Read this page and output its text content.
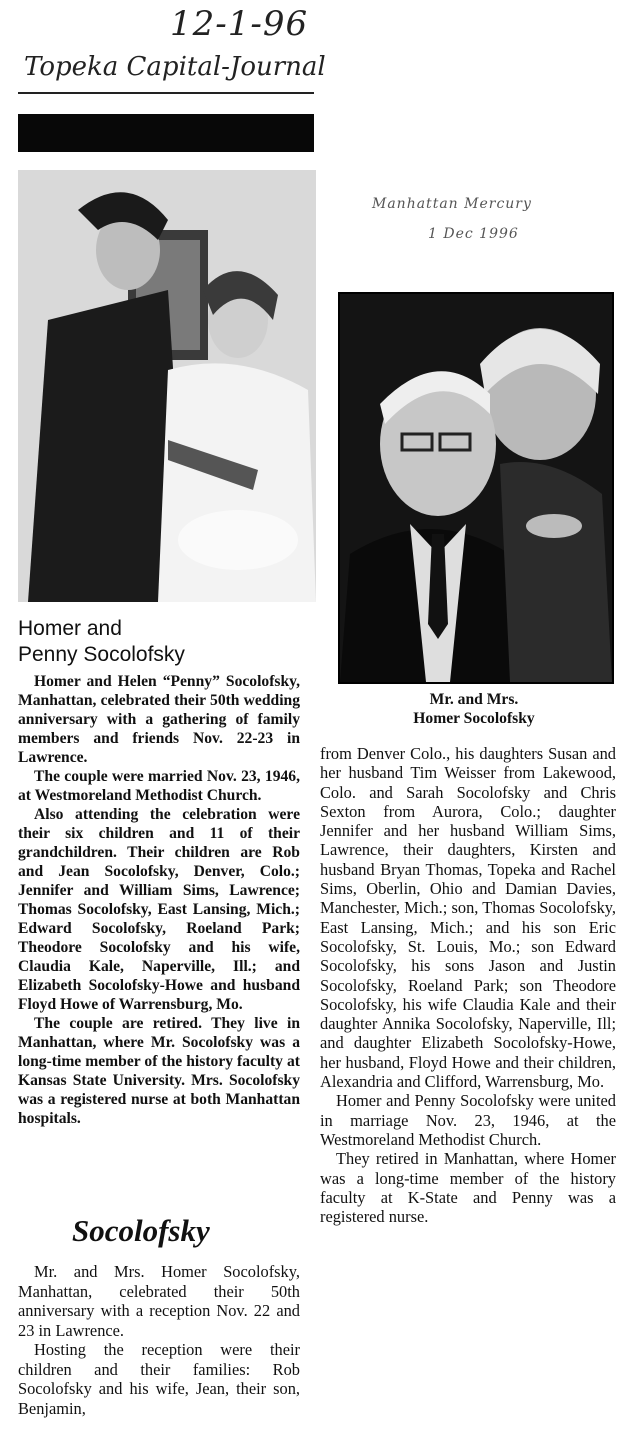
12-1-96
Topeka Capital-Journal
Manhattan Mercury
1 Dec 1996
Homer and
Penny Socolofsky

Homer and Helen “Penny” Socolofsky, Manhattan, celebrated their 50th wedding anniversary with a gathering of family members and friends Nov. 22-23 in Lawrence.

The couple were married Nov. 23, 1946, at Westmoreland Methodist Church.

Also attending the celebration were their six children and 11 of their grandchildren. Their children are Rob and Jean Socolofsky, Denver, Colo.; Jennifer and William Sims, Lawrence; Thomas Socolofsky, East Lansing, Mich.; Edward Socolofsky, Roeland Park; Theodore Socolofsky and his wife, Claudia Kale, Naperville, Ill.; and Elizabeth Socolofsky-Howe and husband Floyd Howe of Warrensburg, Mo.

The couple are retired. They live in Manhattan, where Mr. Socolofsky was a long-time member of the history faculty at Kansas State University. Mrs. Socolofsky was a registered nurse at both Manhattan hospitals.

Mr. and Mrs.
Homer Socolofsky

from Denver Colo., his daughters Susan and her husband Tim Weisser from Lakewood, Colo. and Sarah Socolofsky and Chris Sexton from Aurora, Colo.; daughter Jennifer and her husband William Sims, Lawrence, their daughters, Kirsten and husband Bryan Thomas, Topeka and Rachel Sims, Oberlin, Ohio and Damian Davies, Manchester, Mich.; son, Thomas Socolofsky, East Lansing, Mich.; and his son Eric Socolofsky, St. Louis, Mo.; son Edward Socolofsky, his sons Jason and Justin Socolofsky, Roeland Park; son Theodore Socolofsky, his wife Claudia Kale and their daughter Annika Socolofsky, Naperville, Ill; and daughter Elizabeth Socolofsky-Howe, her husband, Floyd Howe and their children, Alexandria and Clifford, Warrensburg, Mo.

Homer and Penny Socolofsky were united in marriage Nov. 23, 1946, at the Westmoreland Methodist Church.

They retired in Manhattan, where Homer was a long-time member of the history faculty at K-State and Penny was a registered nurse.

Socolofsky

Mr. and Mrs. Homer Socolofsky, Manhattan, celebrated their 50th anniversary with a reception Nov. 22 and 23 in Lawrence.

Hosting the reception were their children and their families: Rob Socolofsky and his wife, Jean, their son, Benjamin,
